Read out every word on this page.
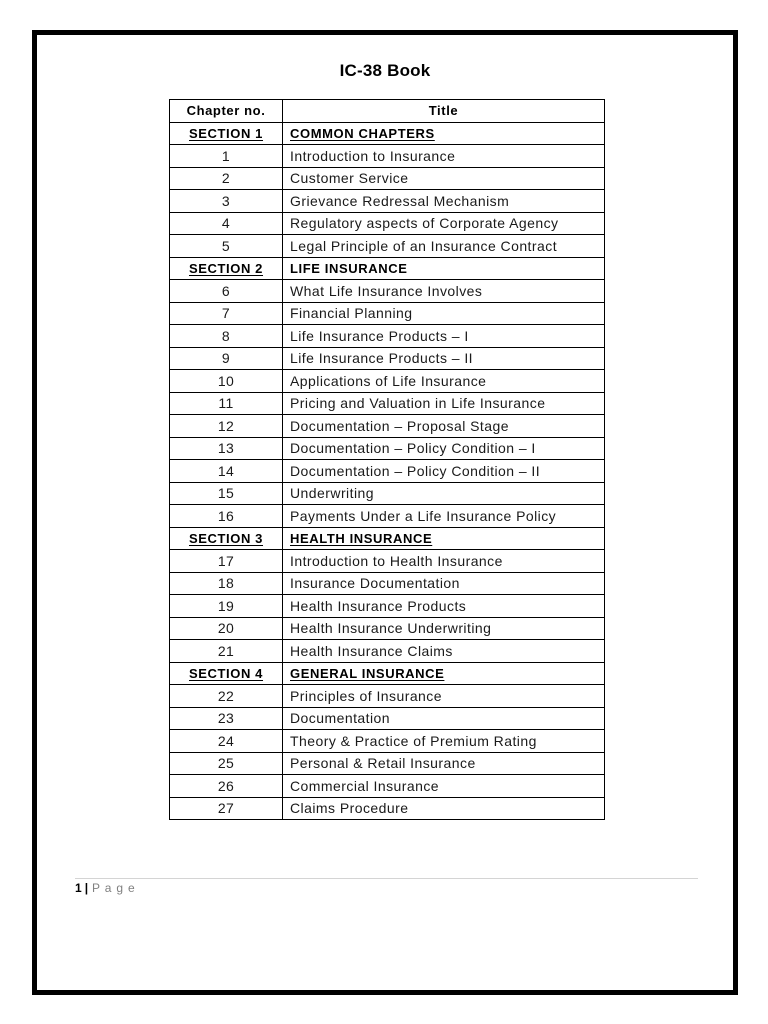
IC-38 Book
Chapter no.	Title
SECTION 1	COMMON CHAPTERS
1	Introduction to Insurance
2	Customer Service
3	Grievance Redressal Mechanism
4	Regulatory aspects of Corporate Agency
5	Legal Principle of an Insurance Contract
SECTION 2	LIFE INSURANCE
6	What Life Insurance Involves
7	Financial Planning
8	Life Insurance Products – I
9	Life Insurance Products – II
10	Applications of Life Insurance
11	Pricing and Valuation in Life Insurance
12	Documentation – Proposal Stage
13	Documentation – Policy Condition – I
14	Documentation – Policy Condition – II
15	Underwriting
16	Payments Under a Life Insurance Policy
SECTION 3	HEALTH INSURANCE
17	Introduction to Health Insurance
18	Insurance Documentation
19	Health Insurance Products
20	Health Insurance Underwriting
21	Health Insurance Claims
SECTION 4	GENERAL INSURANCE
22	Principles of Insurance
23	Documentation
24	Theory & Practice of Premium Rating
25	Personal & Retail Insurance
26	Commercial Insurance
27	Claims Procedure
1 | P a g e
